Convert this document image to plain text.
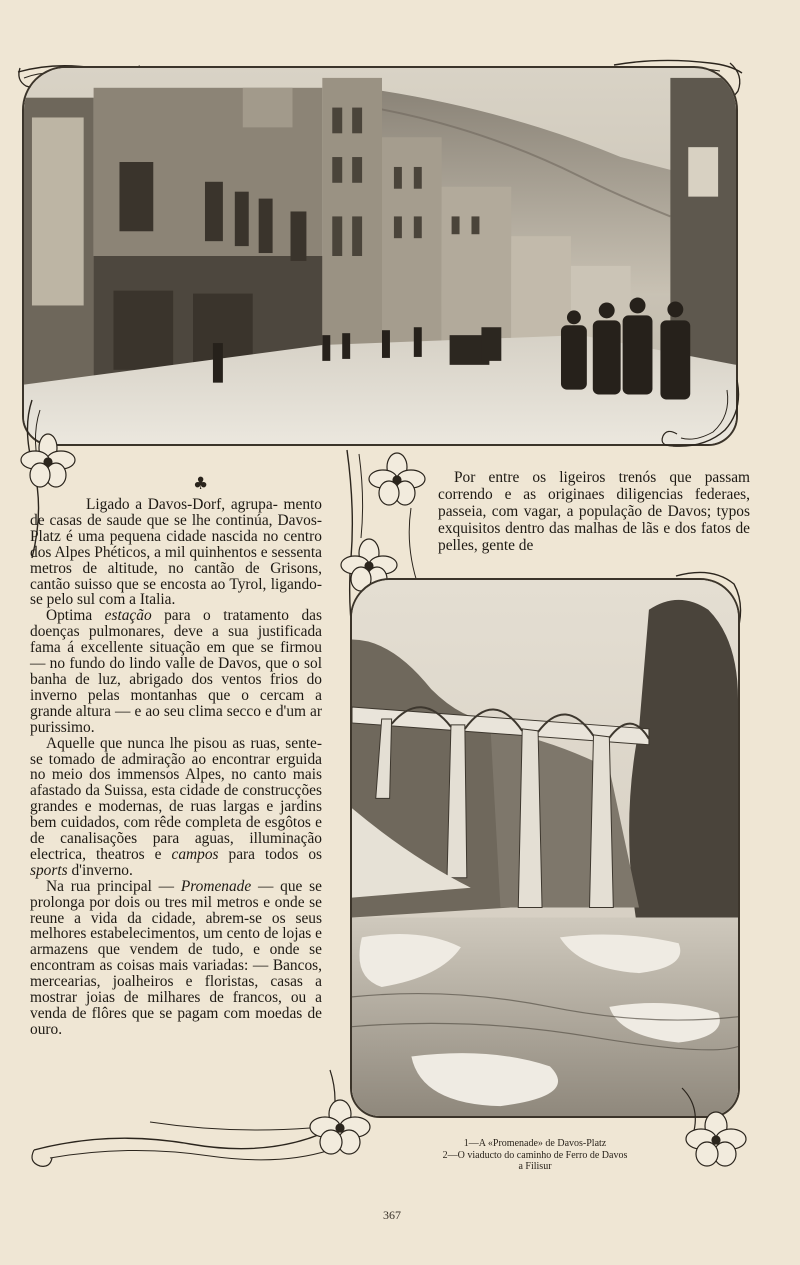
♣

Ligado a Davos-Dorf, agrupa- mento de casas de saude que se lhe continúa, Davos-Platz é uma pequena cidade nascida no centro dos Alpes Phéticos, a mil quinhentos e sessenta metros de altitude, no cantão de Grisons, cantão suisso que se encosta ao Tyrol, ligando-se pelo sul com a Italia.

Optima estação para o tratamento das doenças pulmonares, deve a sua justificada fama á excellente situação em que se firmou — no fundo do lindo valle de Davos, que o sol banha de luz, abrigado dos ventos frios do inverno pelas montanhas que o cercam a grande altura — e ao seu clima secco e d'um ar purissimo.

Aquelle que nunca lhe pisou as ruas, sente-se tomado de admiração ao encontrar erguida no meio dos immensos Alpes, no canto mais afastado da Suissa, esta cidade de construcções grandes e modernas, de ruas largas e jardins bem cuidados, com rêde completa de esgôtos e de canalisações para aguas, illuminação electrica, theatros e campos para todos os sports d'inverno.

Na rua principal — Promenade — que se prolonga por dois ou tres mil metros e onde se reune a vida da cidade, abrem-se os seus melhores estabelecimentos, um cento de lojas e armazens que vendem de tudo, e onde se encontram as coisas mais variadas: — Bancos, mercearias, joalheiros e floristas, casas a mostrar joias de milhares de francos, ou a venda de flôres que se pagam com moedas de ouro.

Por entre os ligeiros trenós que passam correndo e as originaes diligencias federaes, passeia, com vagar, a população de Davos; typos exquisitos dentro das malhas de lãs e dos fatos de pelles, gente de

1—A «Promenade» de Davos-Platz
2—O viaducto do caminho de Ferro de Davos
a Filisur
367
